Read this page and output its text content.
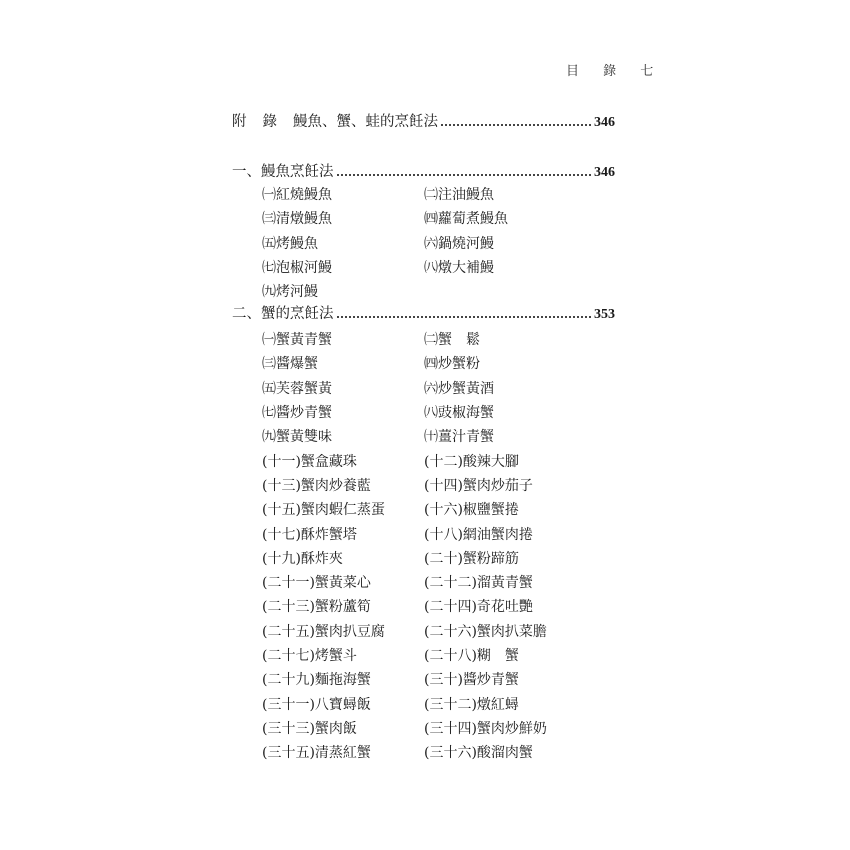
目 錄 七
附 錄 鰻魚、蟹、蛙的烹飪法	346
一、鰻魚烹飪法	346
㈠紅燒鰻魚	㈡注油鰻魚
㈢清燉鰻魚	㈣蘿蔔煮鰻魚
㈤烤鰻魚	㈥鍋燒河鰻
㈦泡椒河鰻	㈧燉大補鰻
㈨烤河鰻
二、蟹的烹飪法	353
㈠蟹黃青蟹	㈡蟹　鬆
㈢醬爆蟹	㈣炒蟹粉
㈤芙蓉蟹黃	㈥炒蟹黃酒
㈦醬炒青蟹	㈧豉椒海蟹
㈨蟹黃雙味	㈩薑汁青蟹
(十一)蟹盒藏珠	(十二)酸辣大腳
(十三)蟹肉炒養藍	(十四)蟹肉炒茄子
(十五)蟹肉蝦仁蒸蛋	(十六)椒鹽蟹捲
(十七)酥炸蟹塔	(十八)網油蟹肉捲
(十九)酥炸夾	(二十)蟹粉蹄筋
(二十一)蟹黃菜心	(二十二)溜黃青蟹
(二十三)蟹粉蘆筍	(二十四)奇花吐艷
(二十五)蟹肉扒豆腐	(二十六)蟹肉扒菜膽
(二十七)烤蟹斗	(二十八)糊　蟹
(二十九)麵拖海蟹	(三十)醬炒青蟹
(三十一)八寶蟳飯	(三十二)燉紅蟳
(三十三)蟹肉飯	(三十四)蟹肉炒鮮奶
(三十五)清蒸紅蟹	(三十六)酸溜肉蟹
